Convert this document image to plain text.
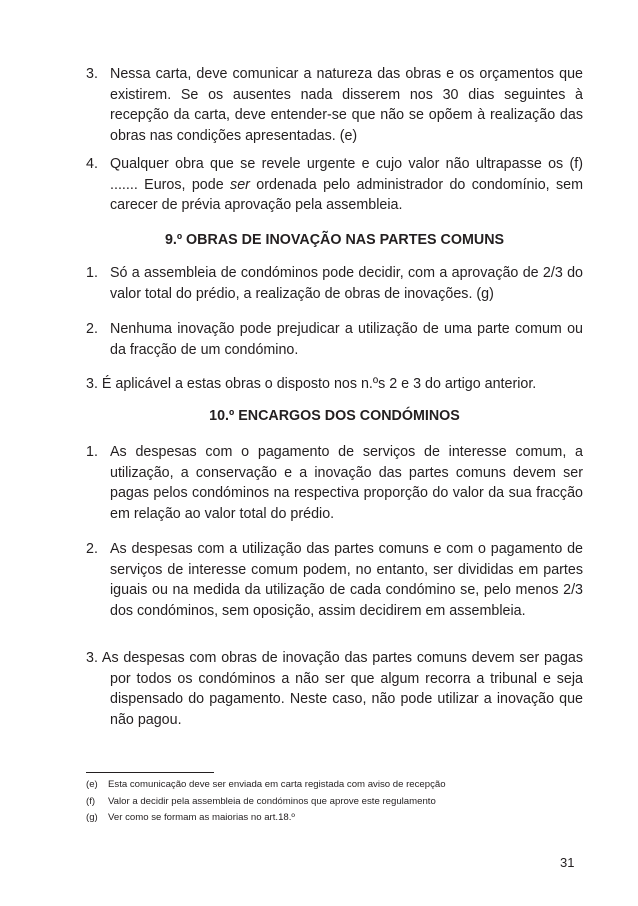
3. Nessa carta, deve comunicar a natureza das obras e os orçamentos que existirem. Se os ausentes nada disserem nos 30 dias seguintes à recepção da carta, deve entender-se que não se opõem à realização das obras nas condições apresentadas. (e)
4. Qualquer obra que se revele urgente e cujo valor não ultrapasse os (f) ....... Euros, pode ser ordenada pelo administrador do condomínio, sem carecer de prévia aprovação pela assembleia.
9.º OBRAS DE INOVAÇÃO NAS PARTES COMUNS
1. Só a assembleia de condóminos pode decidir, com a aprovação de 2/3 do valor total do prédio, a realização de obras de inovações. (g)
2. Nenhuma inovação pode prejudicar a utilização de uma parte comum ou da fracção de um condómino.
3. É aplicável a estas obras o disposto nos n.ºs 2 e 3 do artigo anterior.
10.º ENCARGOS DOS CONDÓMINOS
1. As despesas com o pagamento de serviços de interesse comum, a utilização, a conservação e a inovação das partes comuns devem ser pagas pelos condóminos na respectiva proporção do valor da sua fracção em relação ao valor total do prédio.
2. As despesas com a utilização das partes comuns e com o pagamento de serviços de interesse comum podem, no entanto, ser divididas em partes iguais ou na medida da utilização de cada condómino se, pelo menos 2/3 dos condóminos, sem oposição, assim decidirem em assembleia.
3. As despesas com obras de inovação das partes comuns devem ser pagas por todos os condóminos a não ser que algum recorra a tribunal e seja dispensado do pagamento. Neste caso, não pode utilizar a inovação que não pagou.
(e) Esta comunicação deve ser enviada em carta registada com aviso de recepção
(f) Valor a decidir pela assembleia de condóminos que aprove este regulamento
(g) Ver como se formam as maiorias no art.18.º
31
